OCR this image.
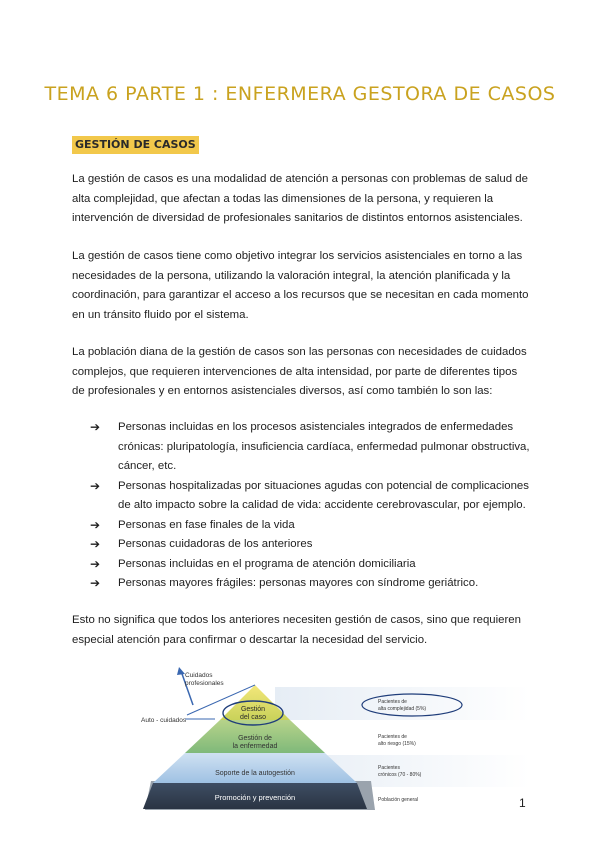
TEMA 6 PARTE 1 : ENFERMERA GESTORA DE CASOS
GESTIÓN DE CASOS

La gestión de casos es una modalidad de atención a personas con problemas de salud de alta complejidad, que afectan a todas las dimensiones de la persona, y requieren la intervención de diversidad de profesionales sanitarios de distintos entornos asistenciales.

La gestión de casos tiene como objetivo integrar los servicios asistenciales en torno a las necesidades de la persona, utilizando la valoración integral, la atención planificada y la coordinación, para garantizar el acceso a los recursos que se necesitan en cada momento en un tránsito fluido por el sistema.

La población diana de la gestión de casos son las personas con necesidades de cuidados complejos, que requieren intervenciones de alta intensidad, por parte de diferentes tipos de profesionales y en entornos asistenciales diversos, así como también lo son las:

➔ Personas incluidas en los procesos asistenciales integrados de enfermedades crónicas: pluripatología, insuficiencia cardíaca, enfermedad pulmonar obstructiva, cáncer, etc.
➔ Personas hospitalizadas por situaciones agudas con potencial de complicaciones de alto impacto sobre la calidad de vida: accidente cerebrovascular, por ejemplo.
➔ Personas en fase finales de la vida
➔ Personas cuidadoras de los anteriores
➔ Personas incluidas en el programa de atención domiciliaria
➔ Personas mayores frágiles: personas mayores con síndrome geriátrico.

Esto no significa que todos los anteriores necesiten gestión de casos, sino que requieren especial atención para confirmar o descartar la necesidad del servicio.

Cuidados
profesionales
Auto - cuidados
Gestión
del caso
Gestión de
la enfermedad
Soporte de la autogestión
Promoción y prevención
Pacientes de
alta complejidad (5%)
Pacientes de
alto riesgo (15%)
Pacientes
crónicos (70 - 80%)
Población general	1
